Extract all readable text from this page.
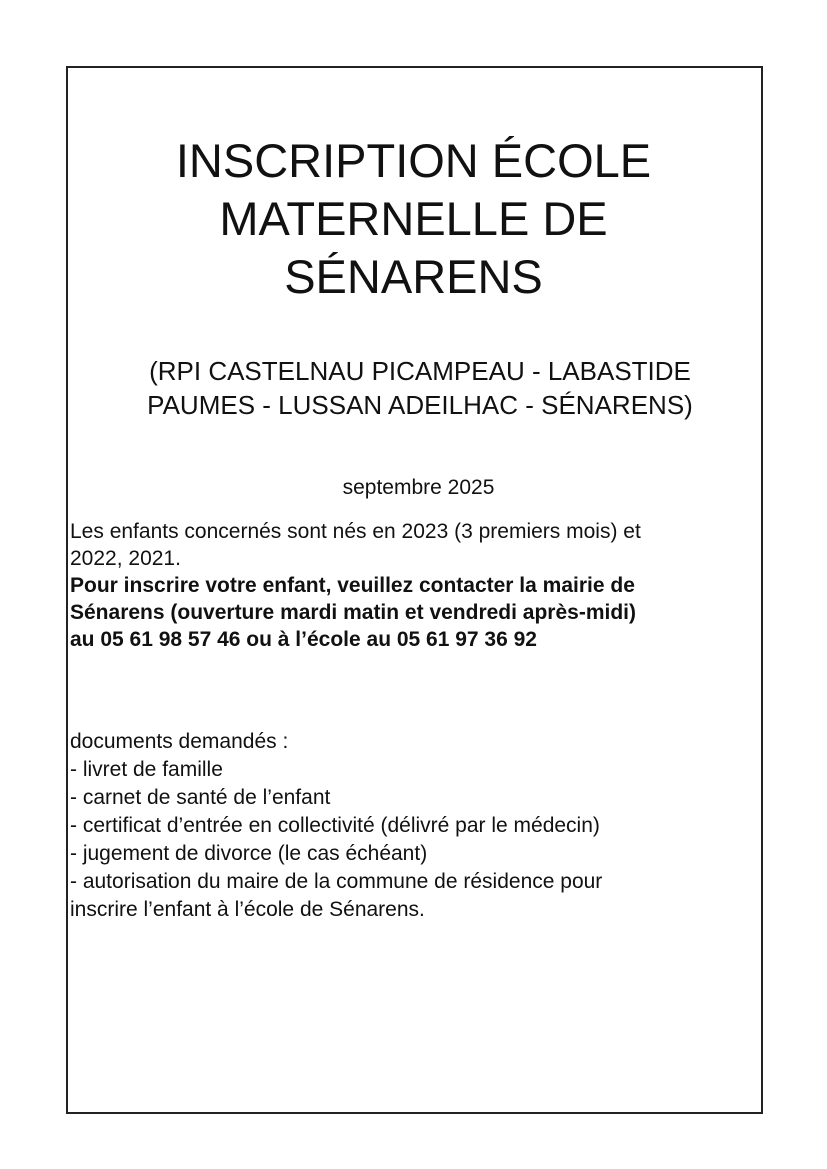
INSCRIPTION ÉCOLE
MATERNELLE DE
SÉNARENS

(RPI CASTELNAU PICAMPEAU - LABASTIDE
PAUMES - LUSSAN ADEILHAC - SÉNARENS)

septembre 2025
Les enfants concernés sont nés en 2023 (3 premiers mois) et
2022, 2021.
Pour inscrire votre enfant, veuillez contacter la mairie de
Sénarens (ouverture mardi matin et vendredi après-midi)
au 05 61 98 57 46 ou à l’école au 05 61 97 36 92
documents demandés :
- livret de famille
- carnet de santé de l’enfant
- certificat d’entrée en collectivité (délivré par le médecin)
- jugement de divorce (le cas échéant)
- autorisation du maire de la commune de résidence pour
inscrire l’enfant à l’école de Sénarens.
